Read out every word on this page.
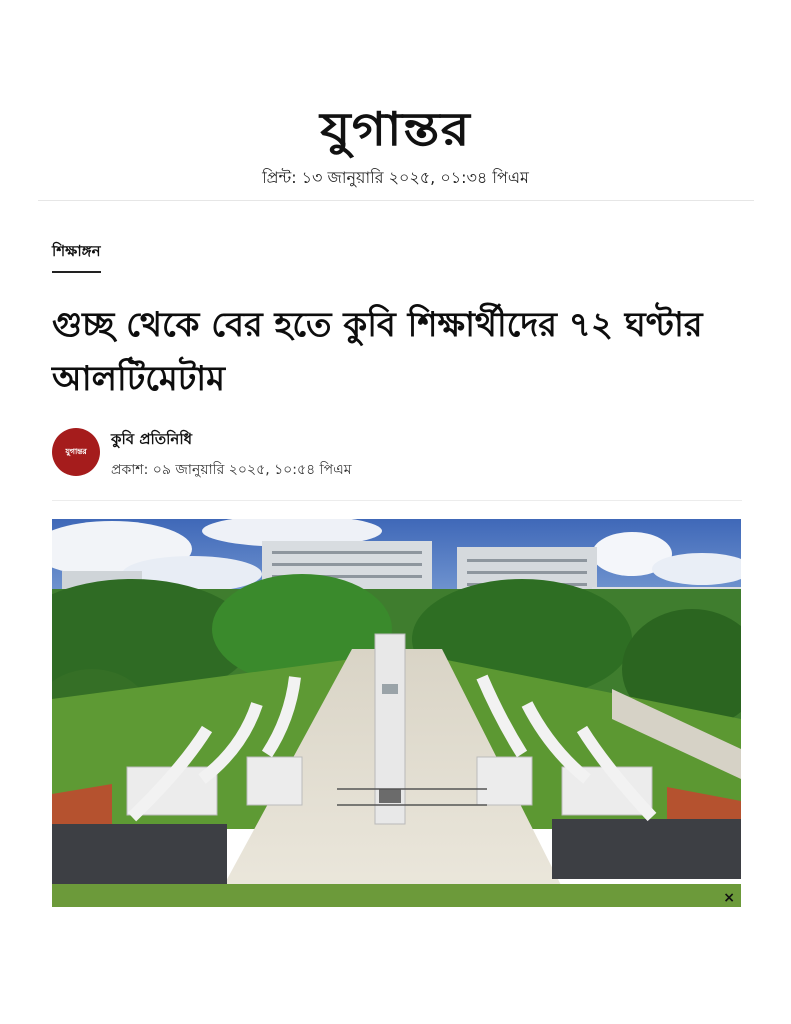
যুগান্তর
প্রিন্ট: ১৩ জানুয়ারি ২০২৫, ০১:৩৪ পিএম
শিক্ষাঙ্গন
গুচ্ছ থেকে বের হতে কুবি শিক্ষার্থীদের ৭২ ঘণ্টার আলটিমেটাম
যুগান্তর
কুবি প্রতিনিধি
প্রকাশ: ০৯ জানুয়ারি ২০২৫, ১০:৫৪ পিএম
×
